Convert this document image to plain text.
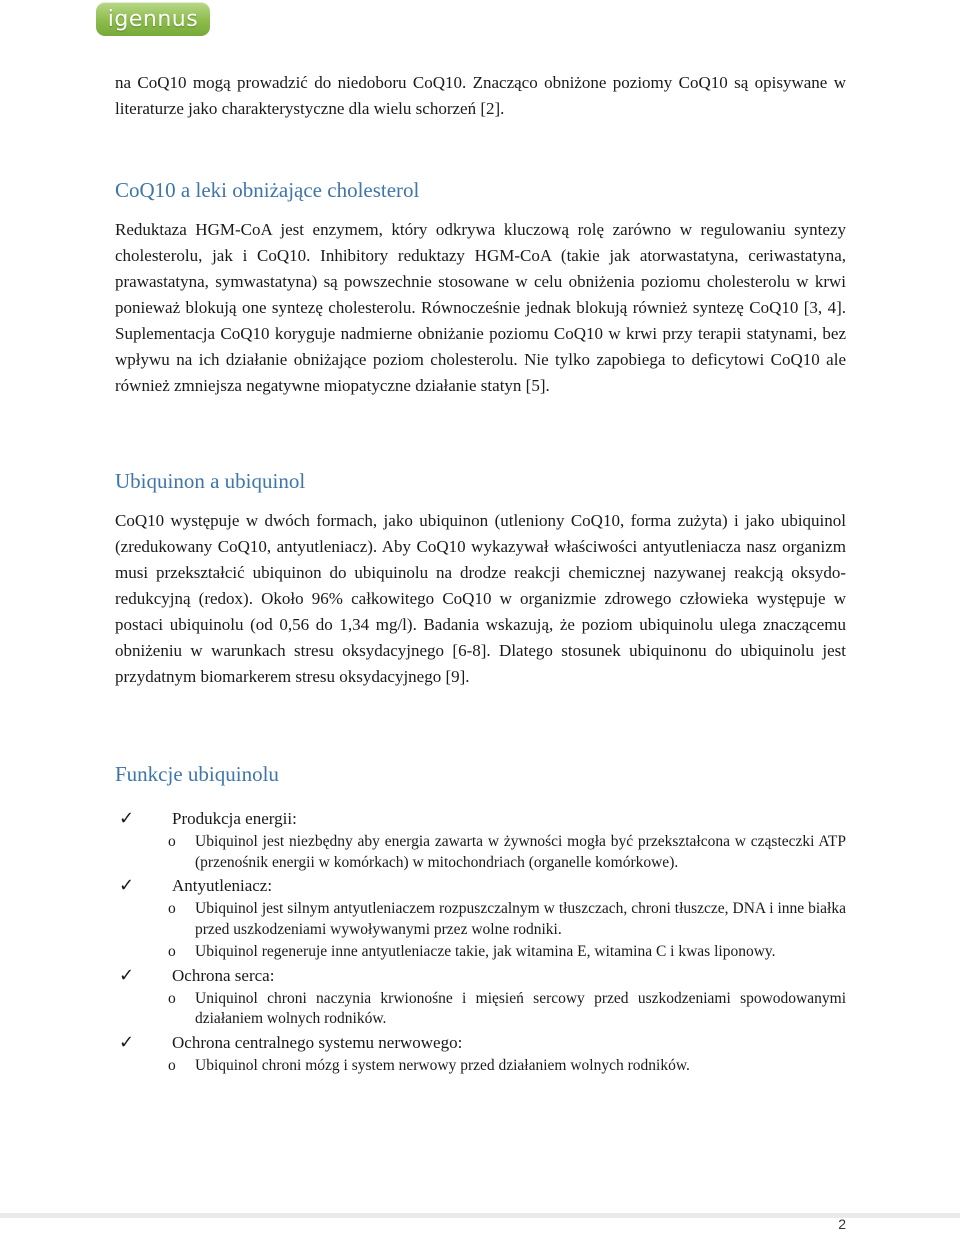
igennus

na CoQ10 mogą prowadzić do niedoboru CoQ10. Znacząco obniżone poziomy CoQ10 są opisywane w literaturze jako charakterystyczne dla wielu schorzeń [2].

CoQ10 a leki obniżające cholesterol

Reduktaza HGM-CoA jest enzymem, który odkrywa kluczową rolę zarówno w regulowaniu syntezy cholesterolu, jak i CoQ10. Inhibitory reduktazy HGM-CoA (takie jak atorwastatyna, ceriwastatyna, prawastatyna, symwastatyna) są powszechnie stosowane w celu obniżenia poziomu cholesterolu w krwi ponieważ blokują one syntezę cholesterolu. Równocześnie jednak blokują również syntezę CoQ10 [3, 4]. Suplementacja CoQ10 koryguje nadmierne obniżanie poziomu CoQ10 w krwi przy terapii statynami, bez wpływu na ich działanie obniżające poziom cholesterolu. Nie tylko zapobiega to deficytowi CoQ10 ale również zmniejsza negatywne miopatyczne działanie statyn [5].

Ubiquinon a ubiquinol

CoQ10 występuje w dwóch formach, jako ubiquinon (utleniony CoQ10, forma zużyta) i jako ubiquinol (zredukowany CoQ10, antyutleniacz). Aby CoQ10 wykazywał właściwości antyutleniacza nasz organizm musi przekształcić ubiquinon do ubiquinolu na drodze reakcji chemicznej nazywanej reakcją oksydo-redukcyjną (redox). Około 96% całkowitego CoQ10 w organizmie zdrowego człowieka występuje w postaci ubiquinolu (od 0,56 do 1,34 mg/l). Badania wskazują, że poziom ubiquinolu ulega znaczącemu obniżeniu w warunkach stresu oksydacyjnego [6-8]. Dlatego stosunek ubiquinonu do ubiquinolu jest przydatnym biomarkerem stresu oksydacyjnego [9].

Funkcje ubiquinolu
✓	Produkcja energii:
o	Ubiquinol jest niezbędny aby energia zawarta w żywności mogła być przekształcona w cząsteczki ATP (przenośnik energii w komórkach) w mitochondriach (organelle komórkowe).
✓	Antyutleniacz:
o	Ubiquinol jest silnym antyutleniaczem rozpuszczalnym w tłuszczach, chroni tłuszcze, DNA i inne białka przed uszkodzeniami wywoływanymi przez wolne rodniki.
o	Ubiquinol regeneruje inne antyutleniacze takie, jak witamina E, witamina C i kwas liponowy.
✓	Ochrona serca:
o	Uniquinol chroni naczynia krwionośne i mięsień sercowy przed uszkodzeniami spowodowanymi działaniem wolnych rodników.
✓	Ochrona centralnego systemu nerwowego:
o	Ubiquinol chroni mózg i system nerwowy przed działaniem wolnych rodników.
2
